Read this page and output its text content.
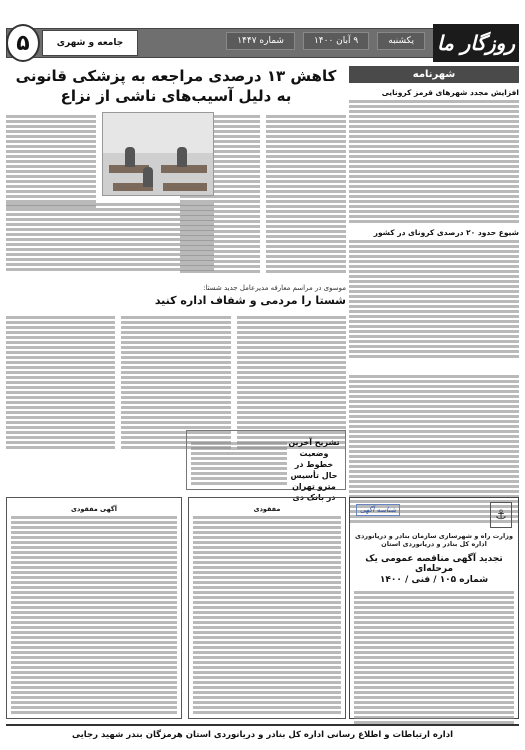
روزگار ما
یکشنبه
۹ آبان ۱۴۰۰
شماره ۱۴۴۷
جامعه و شهری
۵
شهرنامه
افزایش مجدد شهرهای قرمز کرونایی
شیوع حدود ۲۰ درصدی کرونای در کشور
کاهش ۱۳ درصدی مراجعه به پزشکی قانونی
به دلیل آسیب‌های ناشی از نزاع
موسوی در مراسم معارفه مدیرعامل جدید شستا:
شستا را مردمی و شفاف اداره کنید
تشریح آخرین وضعیت خطوط در حال تأسیس مترو تهران در بانک دی
آگهی مفقودی	مفقودی	⚓
شناسه آگهی
وزارت راه و شهرسازی سازمان بنادر و دریانوردی اداره کل بنادر و دریانوردی استان
تجدید آگهی مناقصه عمومی یک مرحله‌ای
شماره ۱۰۵ / فنی / ۱۴۰۰
اداره ارتباطات و اطلاع رسانی اداره کل بنادر و دریانوردی استان هرمزگان بندر شهید رجایی
